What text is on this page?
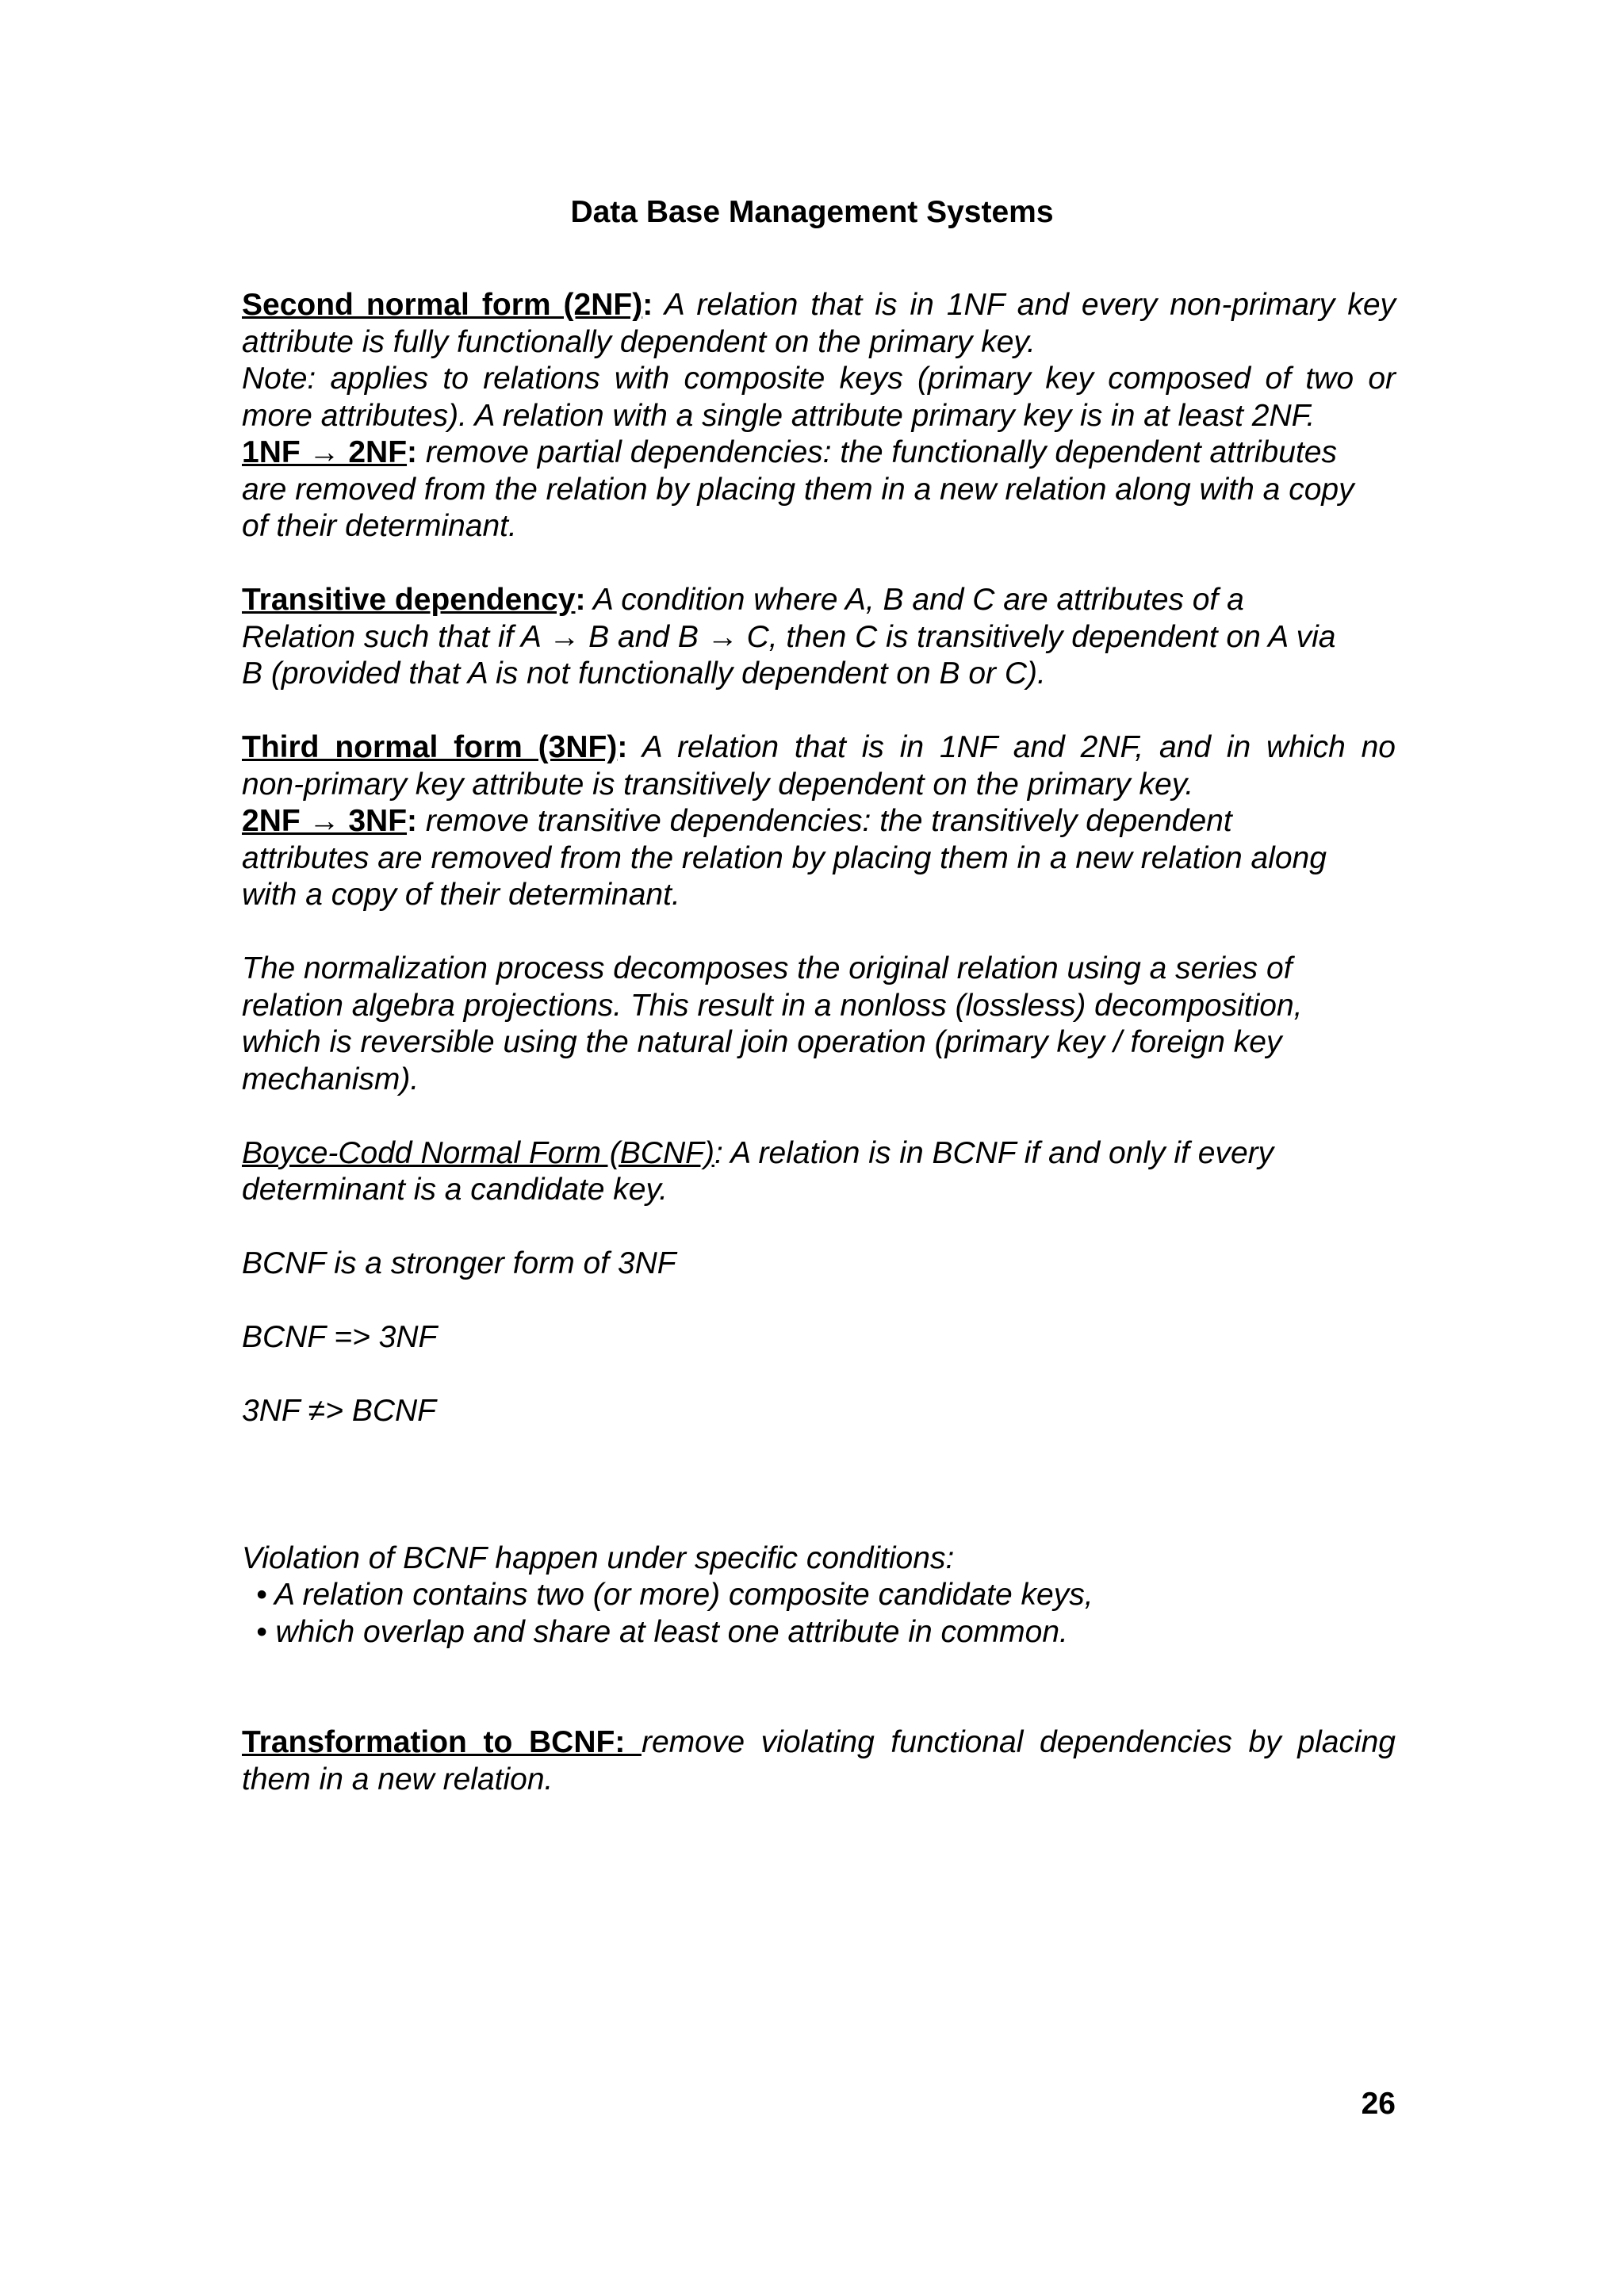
Data Base Management Systems

Second normal form (2NF): A relation that is in 1NF and every non-primary key

attribute is fully functionally dependent on the primary key.

Note: applies to relations with composite keys (primary key composed of two or

more attributes). A relation with a single attribute primary key is in at least 2NF.

1NF → 2NF: remove partial dependencies: the functionally dependent attributes

are removed from the relation by placing them in a new relation along with a copy

of their determinant.

Transitive dependency: A condition where A, B and C are attributes of a

Relation such that if A → B and B → C, then C is transitively dependent on A via

B (provided that A is not functionally dependent on B or C).

Third normal form (3NF): A relation that is in 1NF and 2NF, and in which no

non-primary key attribute is transitively dependent on the primary key.

2NF → 3NF: remove transitive dependencies: the transitively dependent

attributes are removed from the relation by placing them in a new relation along

with a copy of their determinant.

The normalization process decomposes the original relation using a series of

relation algebra projections. This result in a nonloss (lossless) decomposition,

which is reversible using the natural join operation (primary key / foreign key

mechanism).

Boyce-Codd Normal Form (BCNF): A relation is in BCNF if and only if every

determinant is a candidate key.

BCNF is a stronger form of 3NF

BCNF => 3NF

3NF ≠> BCNF

Violation of BCNF happen under specific conditions:

• A relation contains two (or more) composite candidate keys,

• which overlap and share at least one attribute in common.

Transformation to BCNF: remove violating functional dependencies by placing

them in a new relation.

26
